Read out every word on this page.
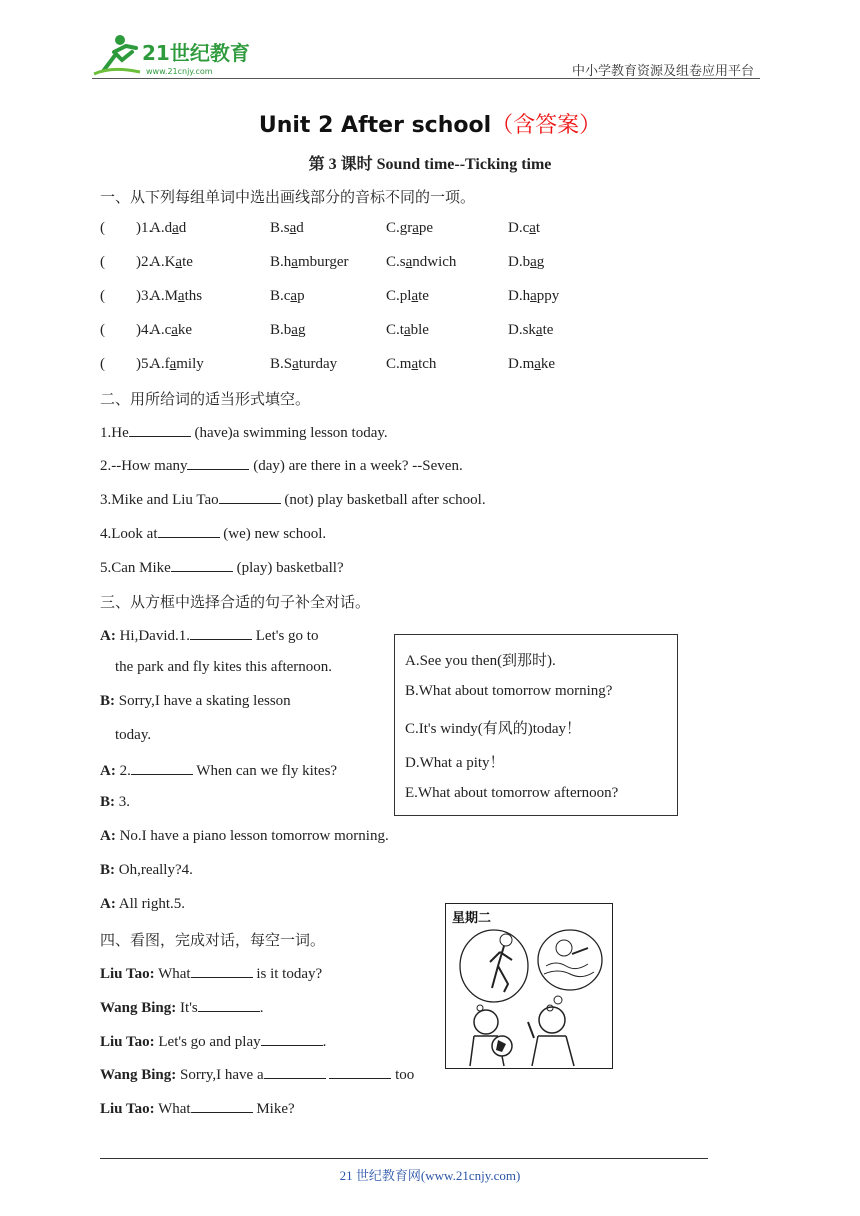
21世纪教育
www.21cnjy.com	中小学教育资源及组卷应用平台
Unit 2 After school（含答案）
第 3 课时 Sound time--Ticking time
一、从下列每组单词中选出画线部分的音标不同的一项。
( )1.
A.dad	B.sad	C.grape	D.cat
( )2.
A.Kate	B.hamburger	C.sandwich	D.bag
( )3.
A.Maths	B.cap	C.plate	D.happy
( )4.
A.cake	B.bag	C.table	D.skate
( )5.
A.family	B.Saturday	C.match	D.make
二、用所给词的适当形式填空。
1.He	(have)a swimming lesson today.
2.--How many	(day) are there in a week? --Seven.
3.Mike and Liu Tao	(not) play basketball after school.
4.Look at	(we) new school.
5.Can Mike	(play) basketball?
三、从方框中选择合适的句子补全对话。
A: Hi,David.1.	Let's go to
the park and fly kites this afternoon.
B: Sorry,I have a skating lesson
today.
A: 2.	When can we fly kites?
B: 3.
A: No.I have a piano lesson tomorrow morning.
B: Oh,really?4.
A: All right.5.
A.See you then(到那时).
B.What about tomorrow morning?
C.It's windy(有风的)today！
D.What a pity！
E.What about tomorrow afternoon?
四、看图，完成对话，每空一词。
Liu Tao: What	is it today?
Wang Bing: It's	.
Liu Tao: Let's go and play	.
Wang Bing: Sorry,I have a	too
Liu Tao: What	Mike?
星期二
21 世纪教育网(www.21cnjy.com)
